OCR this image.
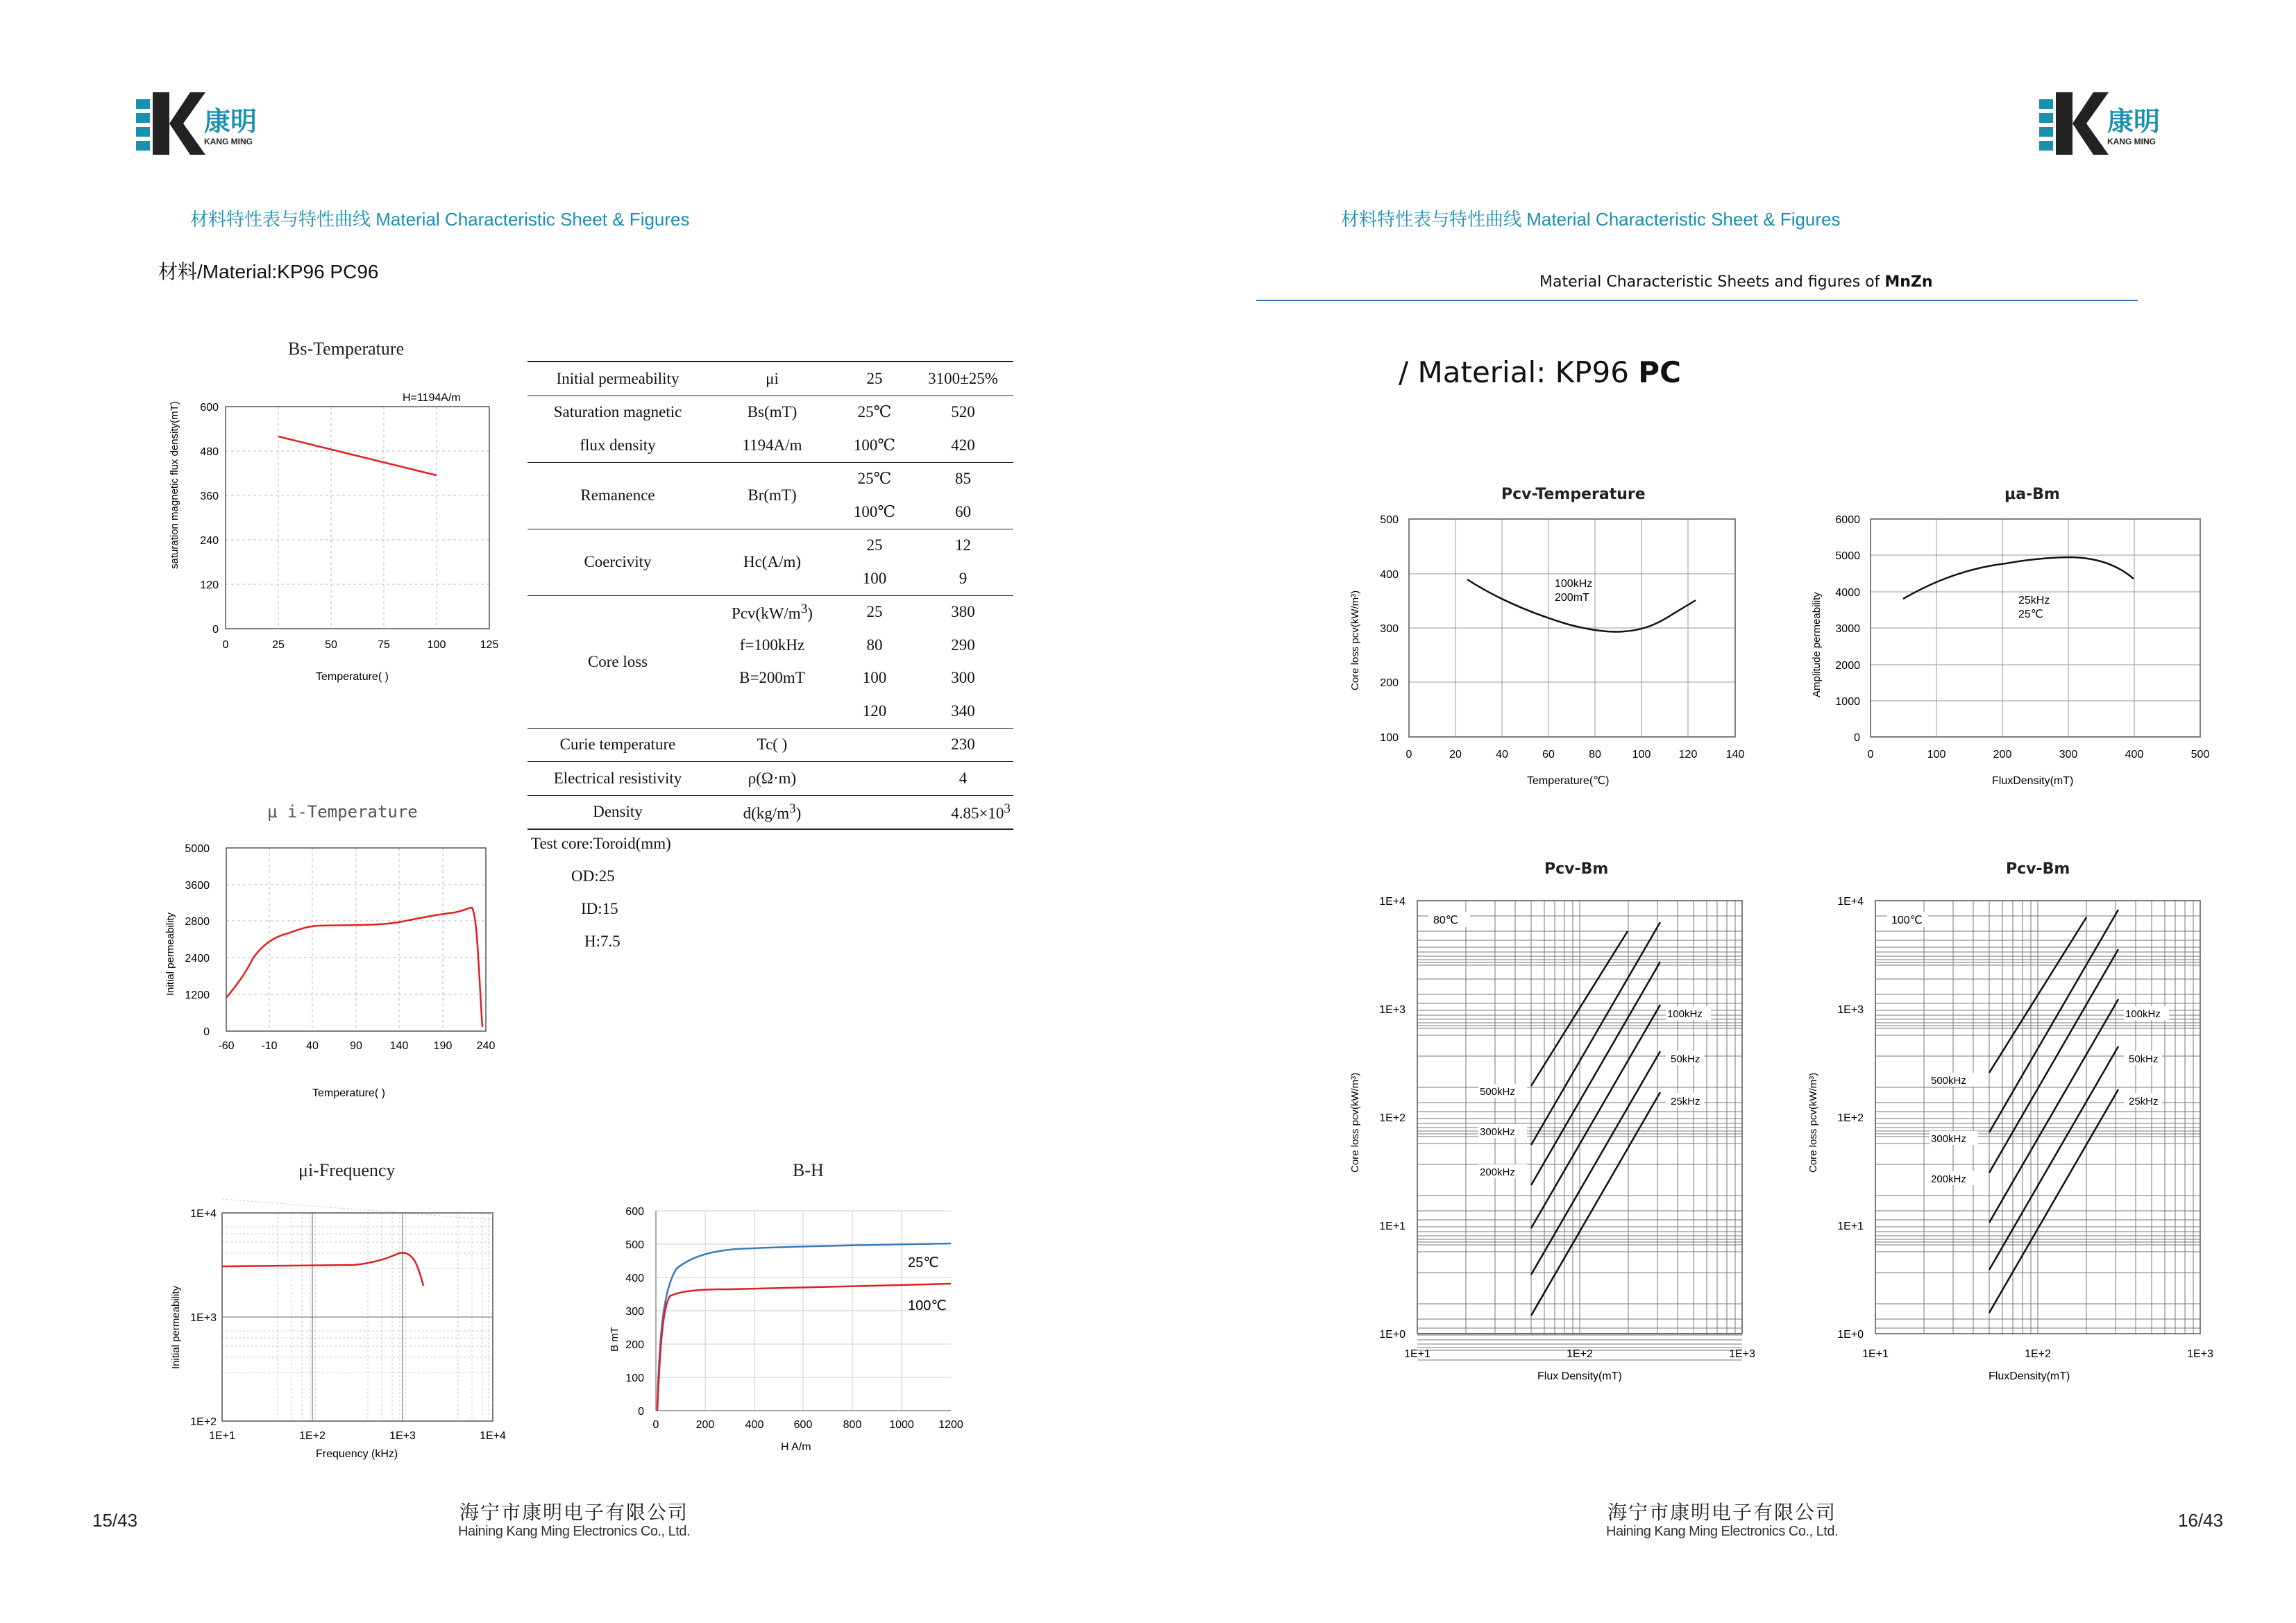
康明
KANG MING
材料特性表与特性曲线 Material Characteristic Sheet & Figures
材料/Material:KP96 PC96
Bs-Temperature
H=1194A/m
600
480
360
240
120
0
0	25	50	75	100	125
Temperature( )
saturation magnetic flux density(mT)
μ i-Temperature
5000
3600
2800
2400
1200
0
-60 -10	40	90 140 190 240
Temperature( )
Initial permeability
μi-Frequency
1E+4
1E+3
1E+2
1E+1	1E+2	1E+3	1E+4
Frequency (kHz)
Initial permeability
B-H
600
500
400
300
200
100
0
0	200	400	600	800 1000 1200
25℃
100℃
H A/m
B mT
Initial permeability	μi	25	3100±25%
Saturation magnetic	Bs(mT)	25℃	520
flux density	1194A/m	100℃	420
Remanence	Br(mT)	25℃	85
		100℃	60
Coercivity	Hc(A/m)	25	12
		100	9
Core loss	$Pcv(kW/m^3)$	25	380
	f=100kHz	80	290
	B=200mT	100	300
		120	340
Curie temperature	Tc( )		230
Electrical resistivity	ρ(Ω·m)		4
Density	$d(kg/m^3)$		$4.85\times 10^3$
Test core:Toroid(mm)
OD:25
ID:15
H:7.5
15/43	海宁市康明电子有限公司
Haining Kang Ming Electronics Co., Ltd.
康明
KANG MING
材料特性表与特性曲线 Material Characteristic Sheet & Figures
Material Characteristic Sheets and figures of MnZn
/ Material: KP96 PC
Pcv-Temperature
500
400
300
200
100
0	20	40	60	80	100	120	140
100kHz
200mT
Temperature(℃)
Core loss pcv(kW/m³)
μa-Bm
6000
5000
4000
3000
2000
1000
0
0	100	200	300	400	500
25kHz
25℃
FluxDensity(mT)
Amplitude permeability
Pcv-Bm
1E+4
1E+3
1E+2
1E+1
1E+0
1E+1	1E+2	1E+3
80℃
100kHz
50kHz
25kHz
500kHz
300kHz
200kHz
Flux Density(mT)
Core loss pcv(kW/m³)
Pcv-Bm
1E+4
1E+3
1E+2
1E+1
1E+0
1E+1	1E+2	1E+3
100℃
100kHz
50kHz
25kHz
500kHz
300kHz
200kHz
FluxDensity(mT)
Core loss pcv(kW/m³)
海宁市康明电子有限公司
Haining Kang Ming Electronics Co., Ltd.
16/43
